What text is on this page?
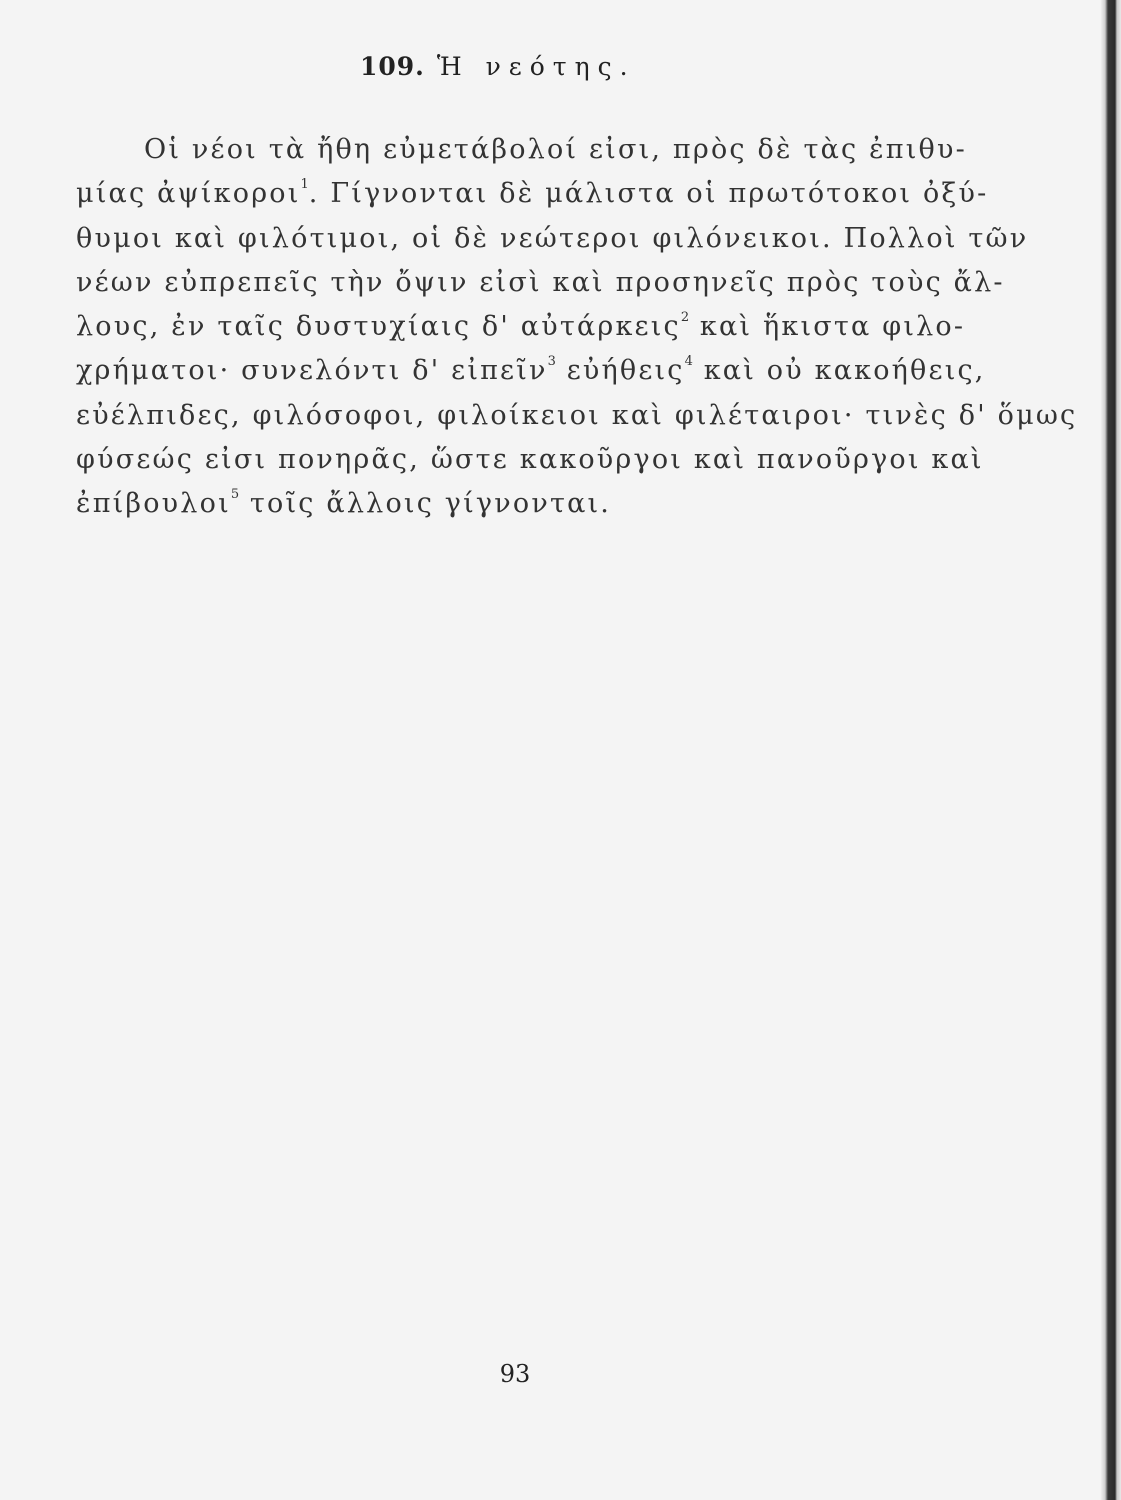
109. Ἡ νεότης.
Οἱ νέοι τὰ ἤθη εὐμετάβολοί εἰσι, πρὸς δὲ τὰς ἐπιθυ-
μίας ἀψίκοροι$^1$. Γίγνονται δὲ μάλιστα οἱ πρωτότοκοι ὀξύ-
θυμοι καὶ φιλότιμοι, οἱ δὲ νεώτεροι φιλόνεικοι. Πολλοὶ τῶν
νέων εὐπρεπεῖς τὴν ὄψιν εἰσὶ καὶ προσηνεῖς πρὸς τοὺς ἄλ-
λους, ἐν ταῖς δυστυχίαις δ' αὐτάρκεις$^2$ καὶ ἥκιστα φιλο-
χρήματοι· συνελόντι δ' εἰπεῖν$^3$ εὐήθεις$^4$ καὶ οὐ κακοήθεις,
εὐέλπιδες, φιλόσοφοι, φιλοίκειοι καὶ φιλέταιροι· τινὲς δ' ὅμως
φύσεώς εἰσι πονηρᾶς, ὥστε κακοῦργοι καὶ πανοῦργοι καὶ
ἐπίβουλοι$^5$ τοῖς ἄλλοις γίγνονται.
93
